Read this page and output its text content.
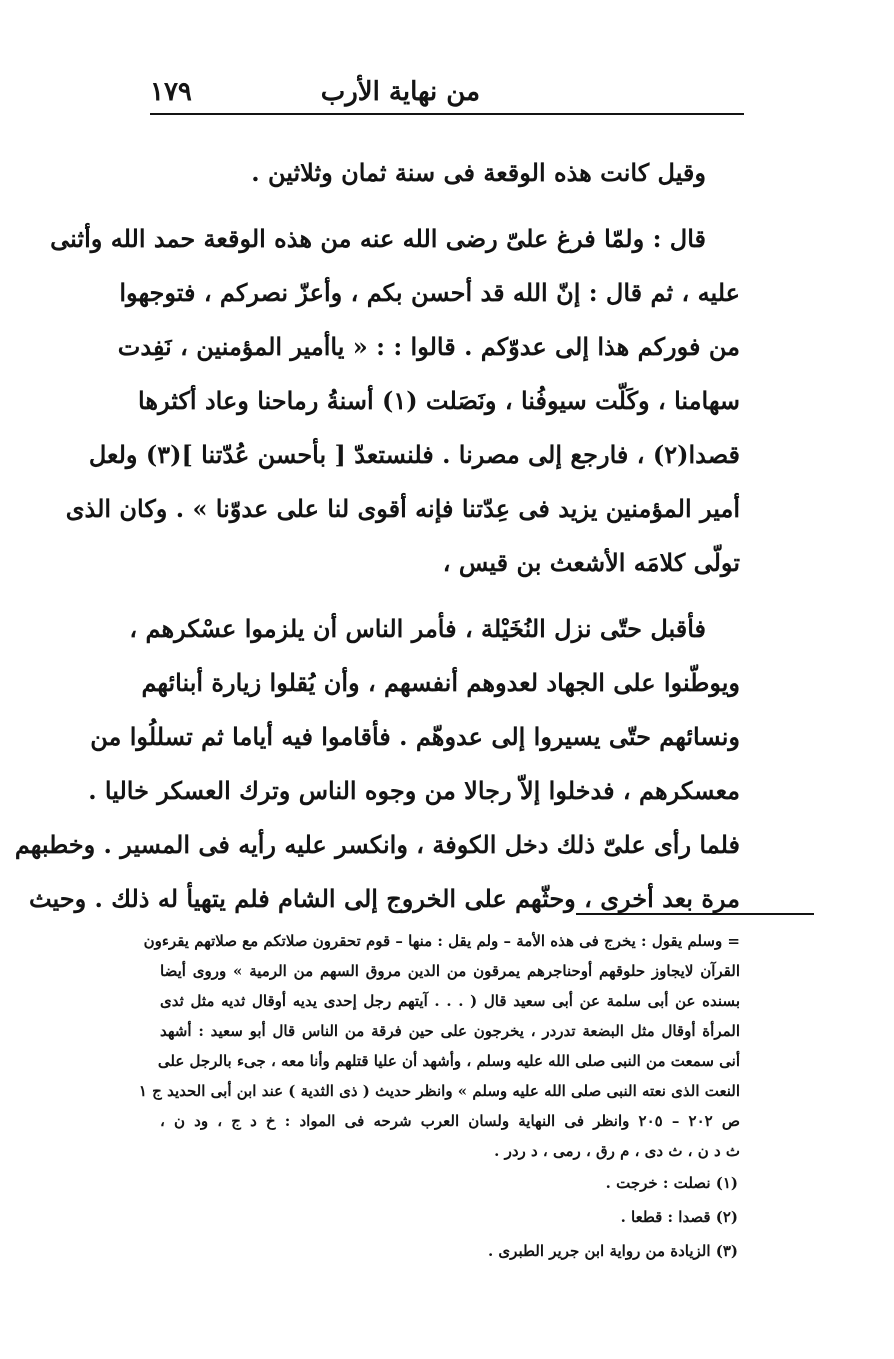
من نهاية الأرب
١٧٩
وقيل كانت هذه الوقعة فى سنة ثمان وثلاثين .
قال : ولمّا فرغ علىّ رضى الله عنه من هذه الوقعة حمد الله وأثنى
عليه ، ثم قال : إنّ الله قد أحسن بكم ، وأعزّ نصركم ، فتوجهوا
من فوركم هذا إلى عدوّكم . قالوا : : « ياأمير المؤمنين ، نَفِدت
سهامنا ، وكَلّت سيوفُنا ، ونَصَلت (١) أسنةُ رماحنا وعاد أكثرها
قصدا(٢) ، فارجع إلى مصرنا . فلنستعدّ [ بأحسن عُدّتنا ](٣) ولعل
أمير المؤمنين يزيد فى عِدّتنا فإنه أقوى لنا على عدوّنا » . وكان الذى
تولّى كلامَه الأشعث بن قيس ،
فأقبل حتّى نزل النُخَيْلة ، فأمر الناس أن يلزموا عسْكرهم ،
ويوطّنوا على الجهاد لعدوهم أنفسهم ، وأن يُقلوا زيارة أبنائهم
ونسائهم حتّى يسيروا إلى عدوهّم . فأقاموا فيه أياما ثم تسللُوا من
معسكرهم ، فدخلوا إلاّ رجالا من وجوه الناس وترك العسكر خاليا .
فلما رأى علىّ ذلك دخل الكوفة ، وانكسر عليه رأيه فى المسير . وخطبهم
مرة بعد أخرى ، وحثّهم على الخروج إلى الشام فلم يتهيأ له ذلك . وحيث
= وسلم يقول : يخرج فى هذه الأمة – ولم يقل : منها – قوم تحقرون صلاتكم مع صلاتهم يقرءون
القرآن لايجاوز حلوقهم أوحناجرهم يمرقون من الدين مروق السهم من الرمية » وروى أيضا
بسنده عن أبى سلمة عن أبى سعيد قال ( . . . آيتهم رجل إحدى يديه أوقال ثديه مثل ثدى
المرأة أوقال مثل البضعة تدردر ، يخرجون على حين فرقة من الناس قال أبو سعيد : أشهد
أنى سمعت من النبى صلى الله عليه وسلم ، وأشهد أن عليا قتلهم وأنا معه ، جىء بالرجل على
النعت الذى نعته النبى صلى الله عليه وسلم » وانظر حديث ( ذى الثدية ) عند ابن أبى الحديد ج ١
ص ٢٠٢ – ٢٠٥ وانظر فى النهاية ولسان العرب شرحه فى المواد : خ د ج ، ود ن ،
ث د ن ، ث دى ، م رق ، رمى ، د ردر .
(١) نصلت : خرجت .
(٢) قصدا : قطعا .
(٣) الزيادة من رواية ابن جرير الطبرى .
